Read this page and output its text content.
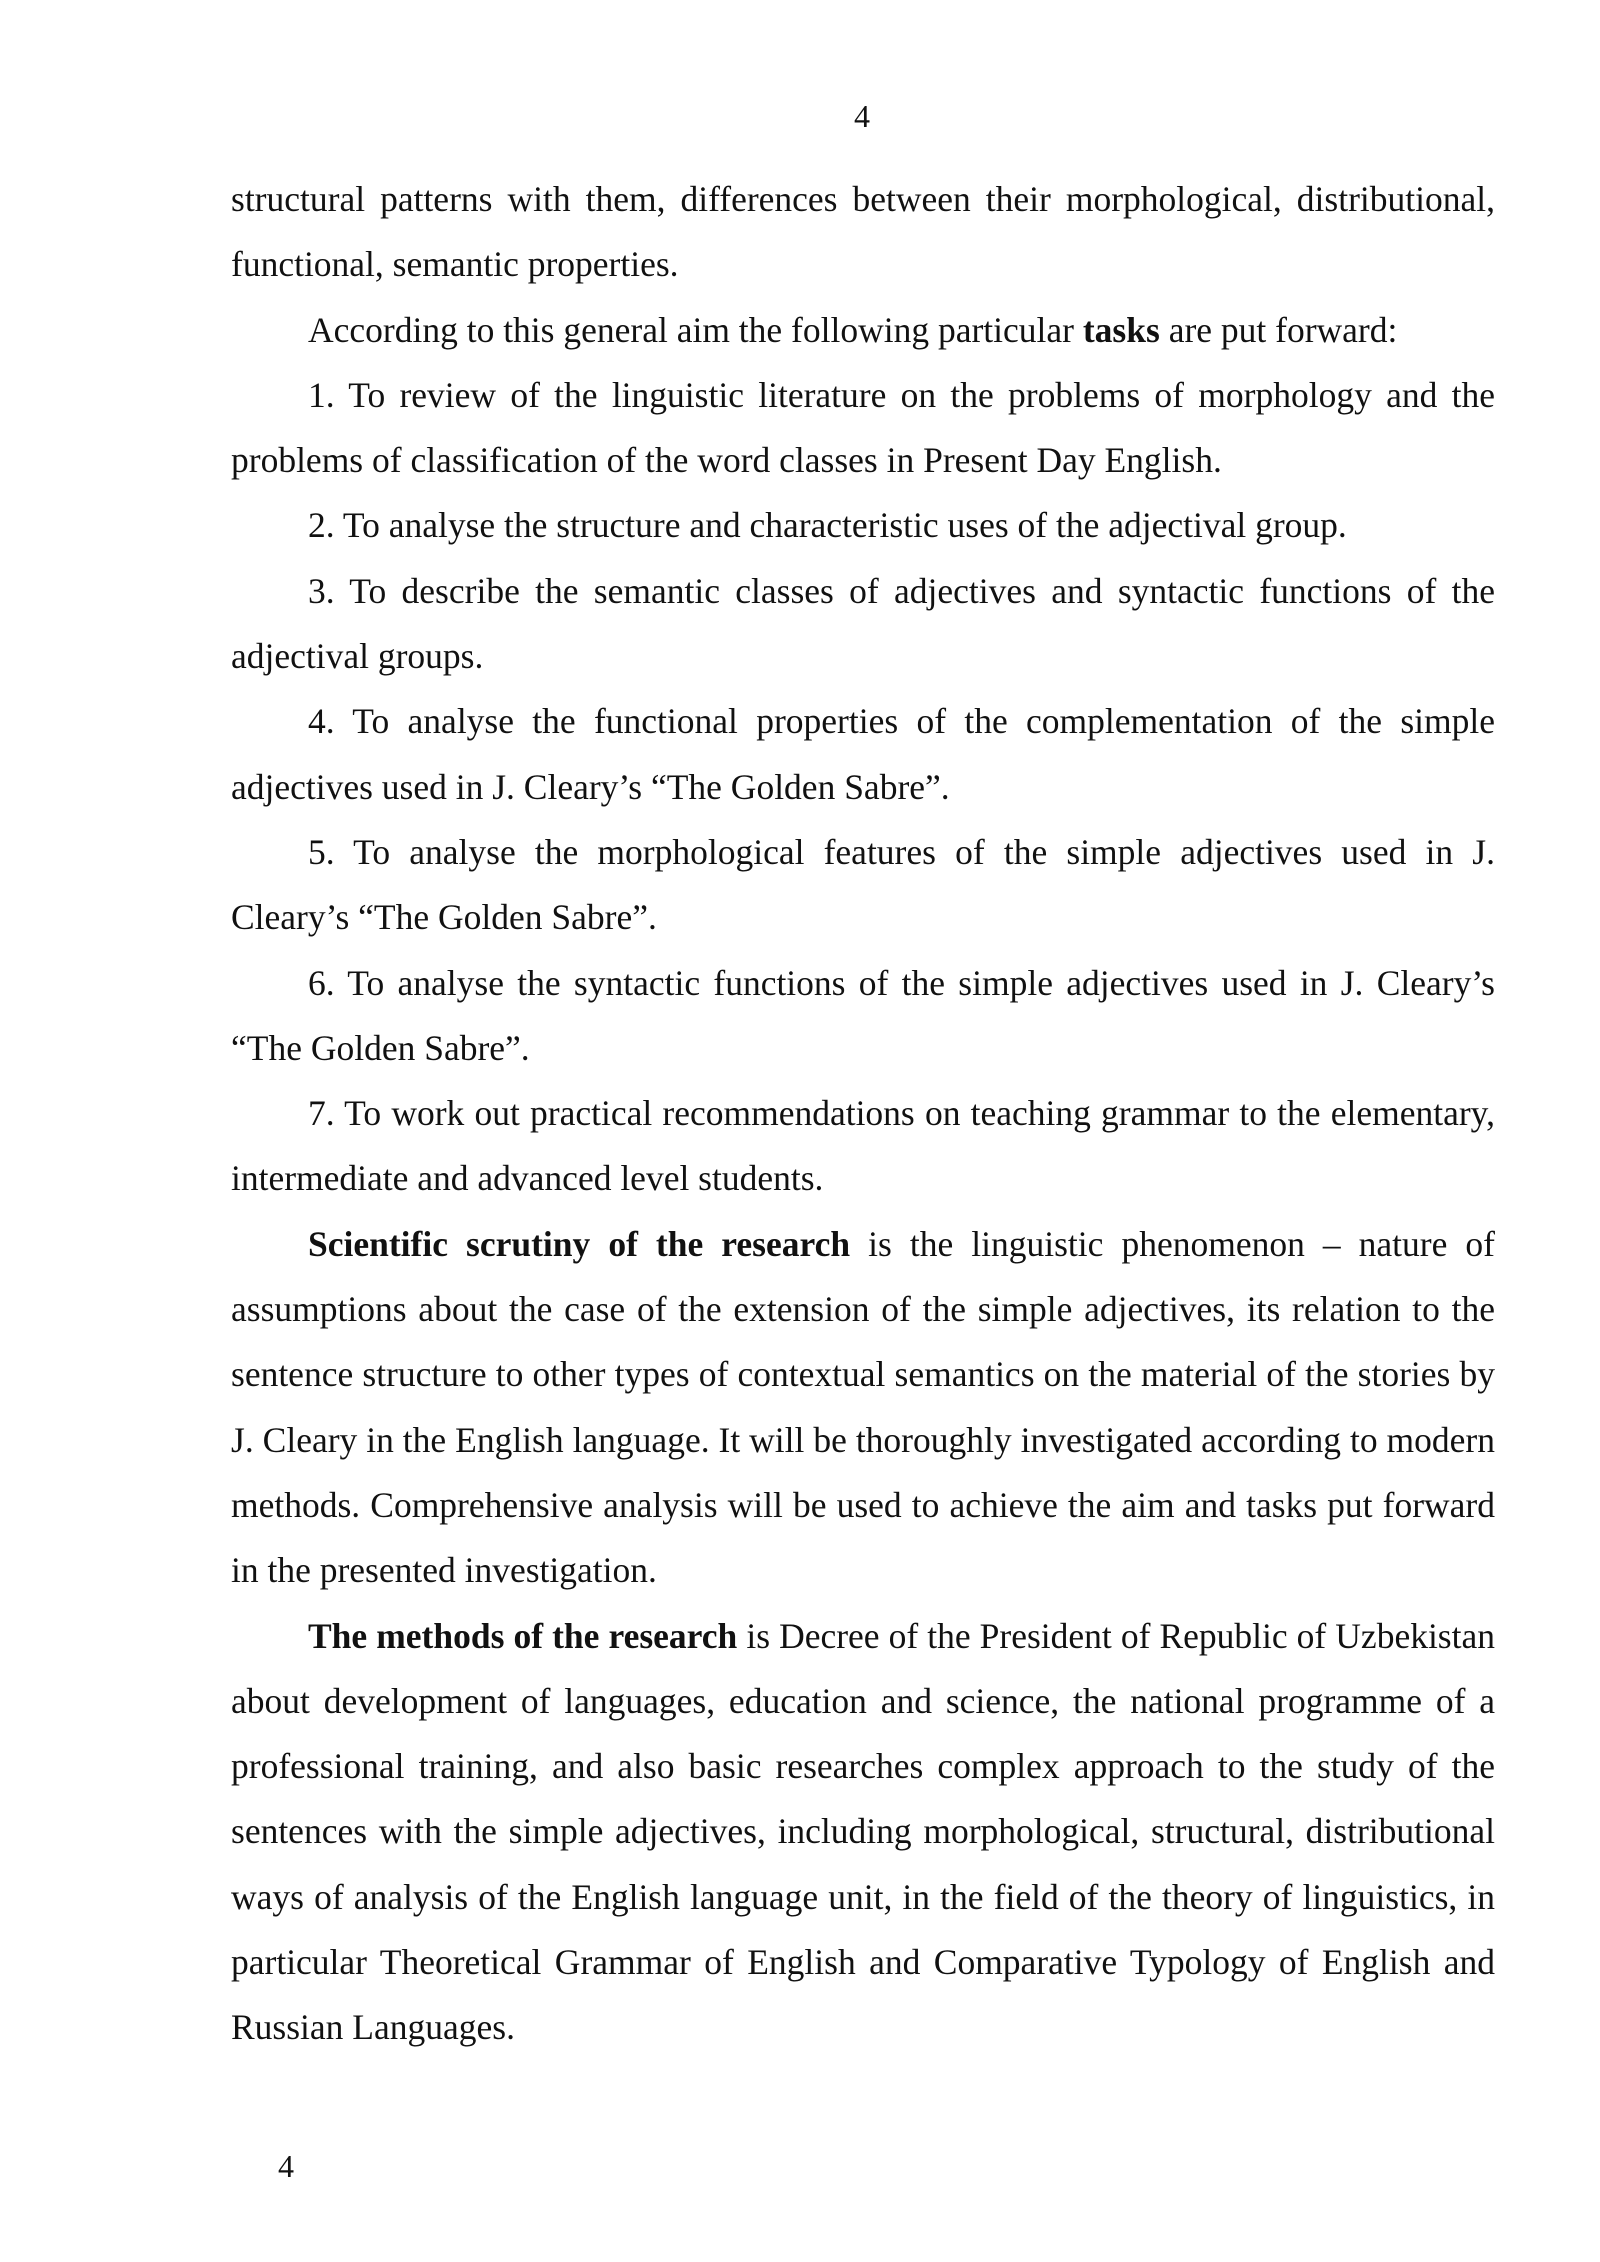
4

structural patterns with them, differences between their morphological, distributional, functional, semantic properties.

According to this general aim the following particular tasks are put forward:

1. To review of the linguistic literature on the problems of morphology and the problems of classification of the word classes in Present Day English.

2. To analyse the structure and characteristic uses of the adjectival group.

3. To describe the semantic classes of adjectives and syntactic functions of the adjectival groups.

4. To analyse the functional properties of the complementation of the simple adjectives used in J. Cleary’s “The Golden Sabre”.

5. To analyse the morphological features of the simple adjectives used in J. Cleary’s “The Golden Sabre”.

6. To analyse the syntactic functions of the simple adjectives used in J. Cleary’s “The Golden Sabre”.

7. To work out practical recommendations on teaching grammar to the elementary, intermediate and advanced level students.

Scientific scrutiny of the research is the linguistic phenomenon – nature of assumptions about the case of the extension of the simple adjectives, its relation to the sentence structure to other types of contextual semantics on the material of the stories by J. Cleary in the English language. It will be thoroughly investigated according to modern methods. Comprehensive analysis will be used to achieve the aim and tasks put forward in the presented investigation.

The methods of the research is Decree of the President of Republic of Uzbekistan about development of languages, education and science, the national programme of a professional training, and also basic researches complex approach to the study of the sentences with the simple adjectives, including morphological, structural, distributional ways of analysis of the English language unit, in the field of the theory of linguistics, in particular Theoretical Grammar of English and Comparative Typology of English and Russian Languages.

4
